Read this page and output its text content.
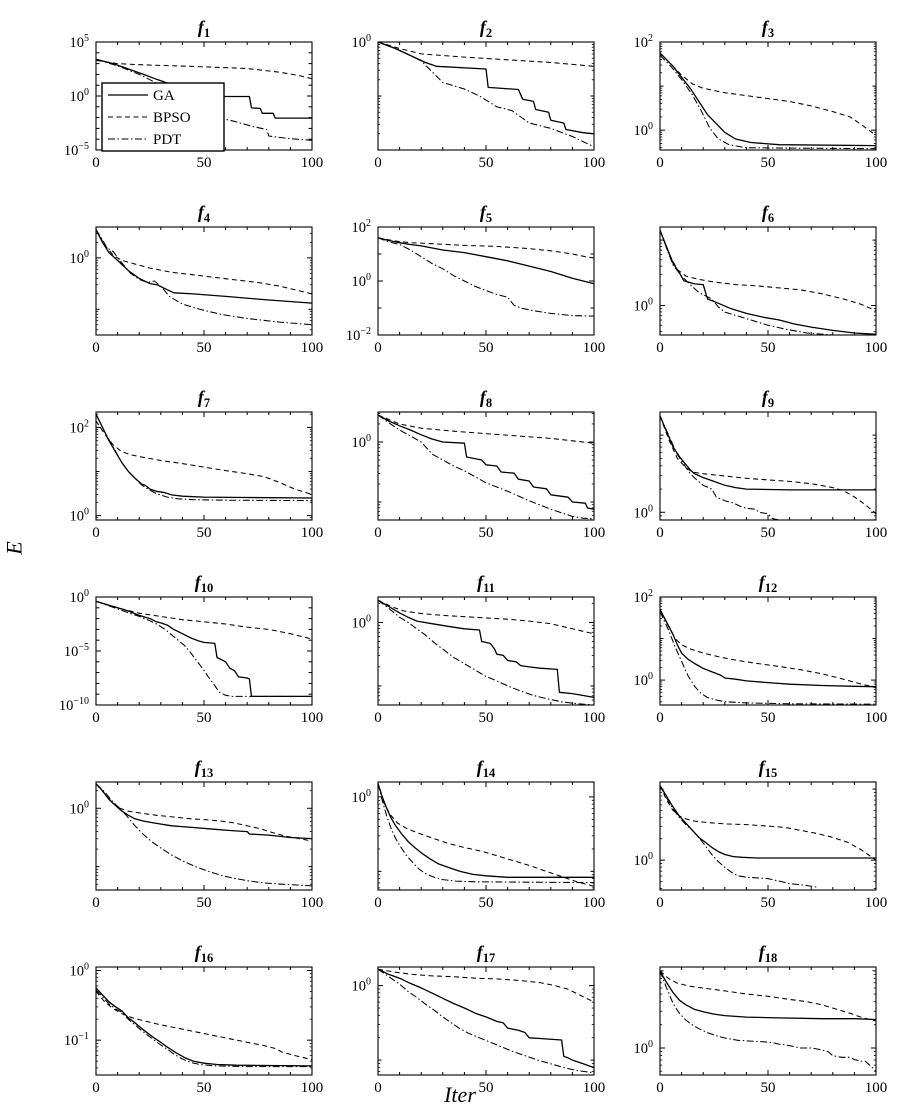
E
Iter
$f_1$
0	50	100
$10^5$
$10^0$
$10^{-5}$
GA
BPSO
PDT
$f_2$
0	50	100
$10^0$
$f_3$
0	50	100
$10^2$
$10^0$
$f_4$
0	50	100
$10^0$
$f_5$
0	50	100
$10^2$
$10^0$
$10^{-2}$
$f_6$
0	50	100
$10^0$
$f_7$
0	50	100
$10^2$
$10^0$
$f_8$
0	50	100
$10^0$
$f_9$
0	50	100
$10^0$
$f_{10}$
0	50	100
$10^0$
$10^{-5}$
$10^{-10}$
$f_{11}$
0	50	100
$10^0$
$f_{12}$
0	50	100
$10^2$
$10^0$
$f_{13}$
0	50	100
$10^0$
$f_{14}$
0	50	100
$10^0$
$f_{15}$
0	50	100
$10^0$
$f_{16}$
0	50	100
$10^0$
$10^{-1}$
$f_{17}$
0	50	100
$10^0$
$f_{18}$
0	50	100
$10^0$
